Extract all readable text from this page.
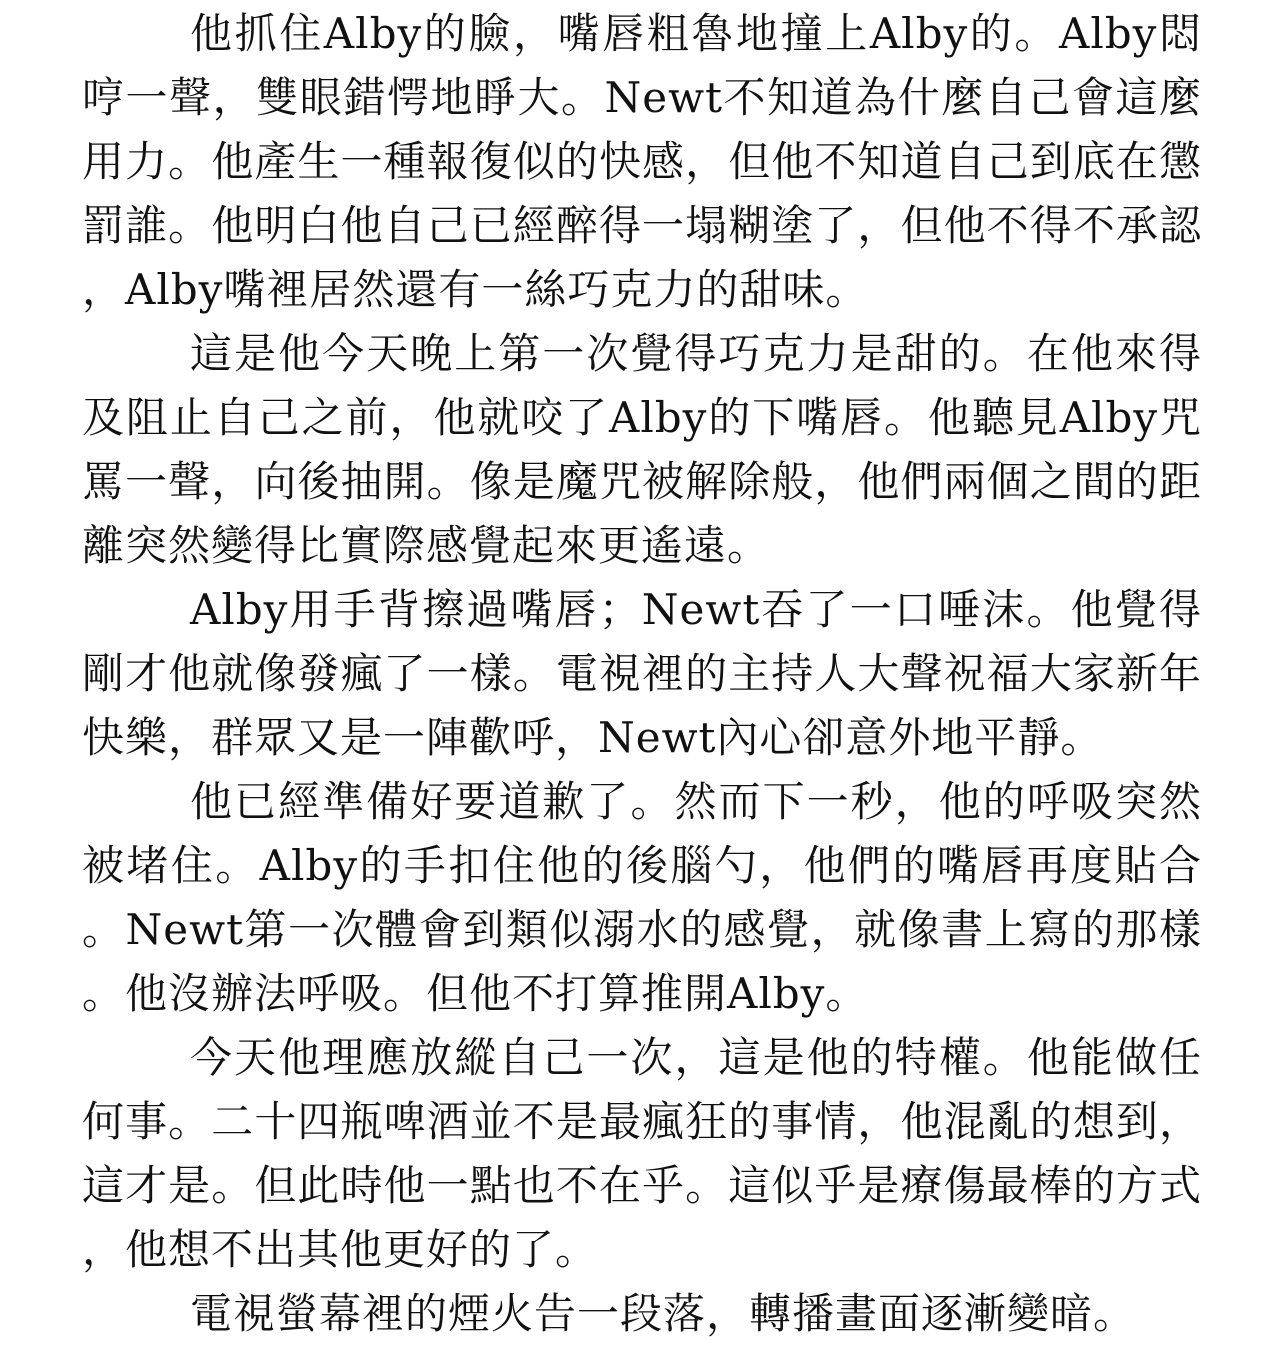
他抓住Alby的臉，嘴唇粗魯地撞上Alby的。Alby悶哼一聲，雙眼錯愕地睜大。Newt不知道為什麼自己會這麼用力。他產生一種報復似的快感，但他不知道自己到底在懲罰誰。他明白他自己已經醉得一塌糊塗了，但他不得不承認，Alby嘴裡居然還有一絲巧克力的甜味。

這是他今天晚上第一次覺得巧克力是甜的。在他來得及阻止自己之前，他就咬了Alby的下嘴唇。他聽見Alby咒罵一聲，向後抽開。像是魔咒被解除般，他們兩個之間的距離突然變得比實際感覺起來更遙遠。

Alby用手背擦過嘴唇；Newt吞了一口唾沫。他覺得剛才他就像發瘋了一樣。電視裡的主持人大聲祝福大家新年快樂，群眾又是一陣歡呼，Newt內心卻意外地平靜。

他已經準備好要道歉了。然而下一秒，他的呼吸突然被堵住。Alby的手扣住他的後腦勺，他們的嘴唇再度貼合。Newt第一次體會到類似溺水的感覺，就像書上寫的那樣。他沒辦法呼吸。但他不打算推開Alby。

今天他理應放縱自己一次，這是他的特權。他能做任何事。二十四瓶啤酒並不是最瘋狂的事情，他混亂的想到，這才是。但此時他一點也不在乎。這似乎是療傷最棒的方式，他想不出其他更好的了。

電視螢幕裡的煙火告一段落，轉播畫面逐漸變暗。
